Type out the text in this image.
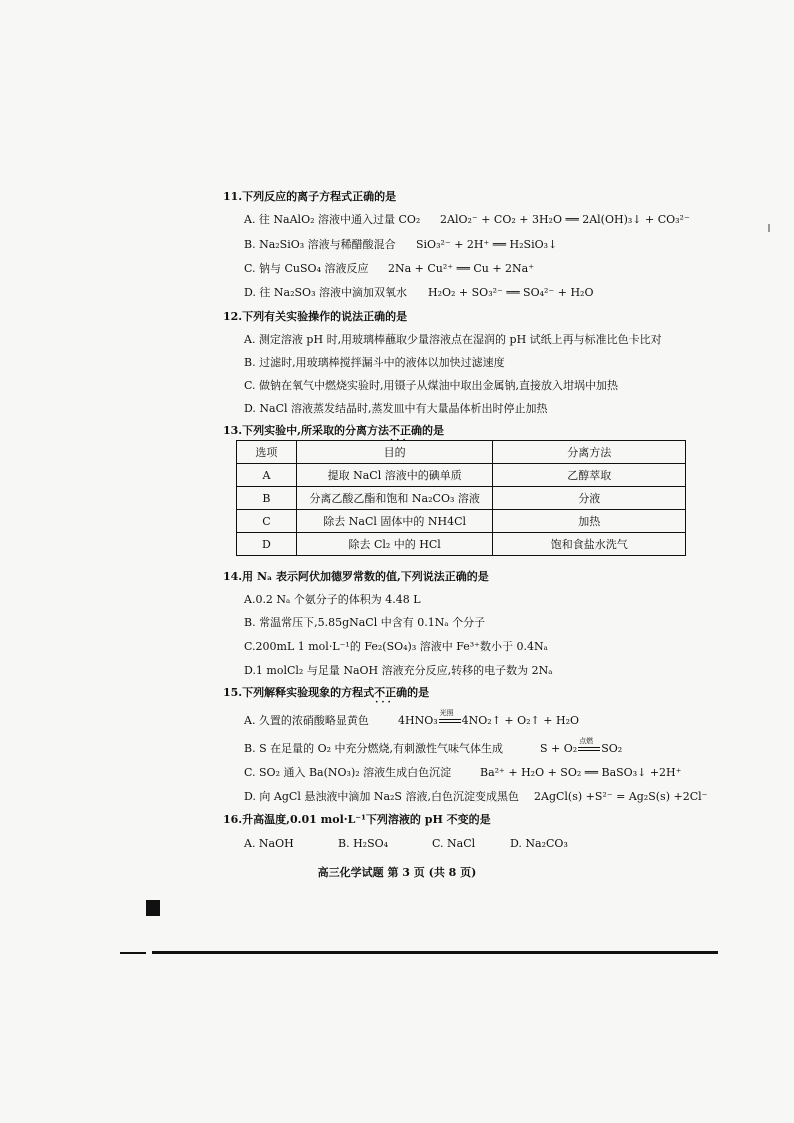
11.下列反应的离子方程式正确的是
A. 往 NaAlO₂ 溶液中通入过量 CO₂ 2AlO₂⁻ + CO₂ + 3H₂O ══ 2Al(OH)₃↓ + CO₃²⁻
B. Na₂SiO₃ 溶液与稀醋酸混合 SiO₃²⁻ + 2H⁺ ══ H₂SiO₃↓
C. 钠与 CuSO₄ 溶液反应 2Na + Cu²⁺ ══ Cu + 2Na⁺
D. 往 Na₂SO₃ 溶液中滴加双氧水 H₂O₂ + SO₃²⁻ ══ SO₄²⁻ + H₂O
12.下列有关实验操作的说法正确的是
A. 测定溶液 pH 时,用玻璃棒蘸取少量溶液点在湿润的 pH 试纸上再与标准比色卡比对
B. 过滤时,用玻璃棒搅拌漏斗中的液体以加快过滤速度
C. 做钠在氧气中燃烧实验时,用镊子从煤油中取出金属钠,直接放入坩埚中加热
D. NaCl 溶液蒸发结晶时,蒸发皿中有大量晶体析出时停止加热
13.下列实验中,所采取的分离方法不正确 · · ·的是
选项	目的	分离方法
A	提取 NaCl 溶液中的碘单质	乙醇萃取
B	分离乙酸乙酯和饱和 Na₂CO₃ 溶液	分液
C	除去 NaCl 固体中的 NH4Cl	加热
D	除去 Cl₂ 中的 HCl	饱和食盐水洗气
14.用 Nₐ 表示阿伏加德罗常数的值,下列说法正确的是
A.0.2 Nₐ 个氨分子的体积为 4.48 L
B. 常温常压下,5.85gNaCl 中含有 0.1Nₐ 个分子
C.200mL 1 mol·L⁻¹的 Fe₂(SO₄)₃ 溶液中 Fe³⁺数小于 0.4Nₐ
D.1 molCl₂ 与足量 NaOH 溶液充分反应,转移的电子数为 2Nₐ
15.下列解释实验现象的方程式不正确 · · ·的是
A. 久置的浓硝酸略显黄色	4HNO₃
光照
4NO₂↑ + O₂↑ + H₂O
B. S 在足量的 O₂ 中充分燃烧,有刺激性气味气体生成	S + O₂
点燃
SO₂
C. SO₂ 通入 Ba(NO₃)₂ 溶液生成白色沉淀	Ba²⁺ + H₂O + SO₂ ══ BaSO₃↓ +2H⁺
D. 向 AgCl 悬浊液中滴加 Na₂S 溶液,白色沉淀变成黑色 2AgCl(s) +S²⁻ = Ag₂S(s) +2Cl⁻
16.升高温度,0.01 mol·L⁻¹下列溶液的 pH 不变的是
A. NaOH	B. H₂SO₄	C. NaCl	D. Na₂CO₃
高三化学试题 第 3 页 (共 8 页)
